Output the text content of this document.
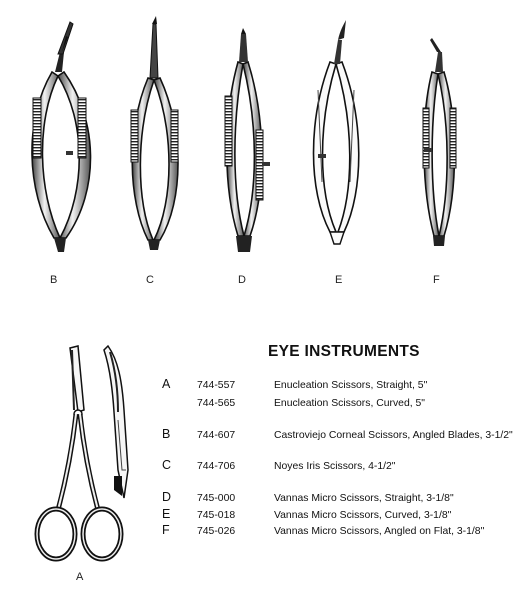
B	C	D	E	F
A
EYE INSTRUMENTS
A	744-557	Enucleation Scissors, Straight, 5"
744-565	Enucleation Scissors, Curved, 5"
B	744-607	Castroviejo Corneal Scissors, Angled Blades, 3-1/2"
C	744-706	Noyes Iris Scissors, 4-1/2"
D	745-000	Vannas Micro Scissors, Straight, 3-1/8"
E	745-018	Vannas Micro Scissors, Curved, 3-1/8"
F	745-026	Vannas Micro Scissors, Angled on Flat, 3-1/8"
